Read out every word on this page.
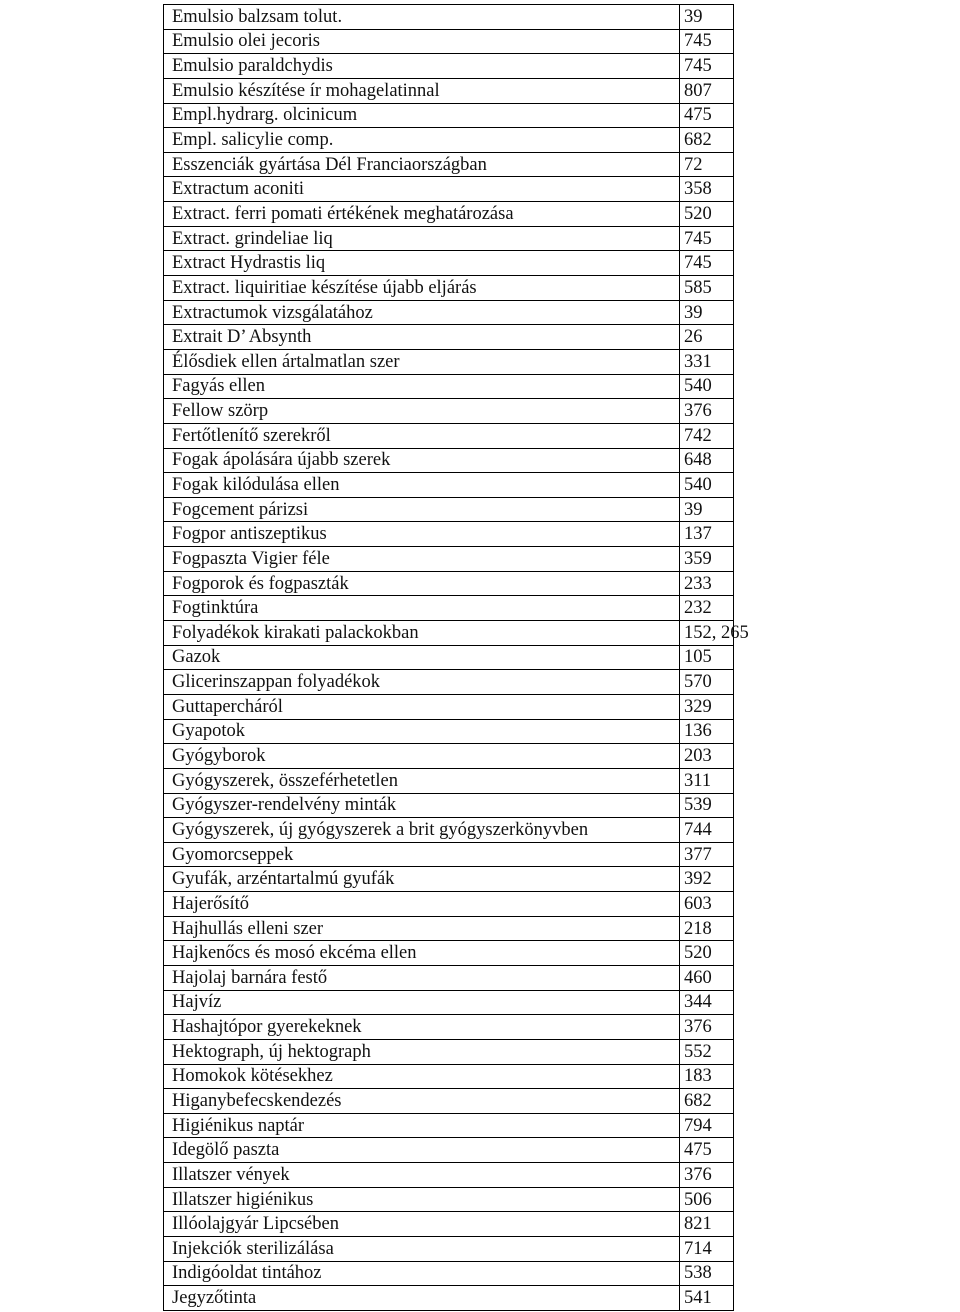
Emulsio balzsam tolut.	39
Emulsio olei jecoris	745
Emulsio paraldchydis	745
Emulsio készítése ír mohagelatinnal	807
Empl.hydrarg. olcinicum	475
Empl. salicylie comp.	682
Esszenciák gyártása Dél Franciaországban	72
Extractum aconiti	358
Extract. ferri pomati értékének meghatározása	520
Extract. grindeliae liq	745
Extract Hydrastis liq	745
Extract. liquiritiae készítése újabb eljárás	585
Extractumok vizsgálatához	39
Extrait D’ Absynth	26
Élősdiek ellen ártalmatlan szer	331
Fagyás ellen	540
Fellow szörp	376
Fertőtlenítő szerekről	742
Fogak ápolására újabb szerek	648
Fogak kilódulása ellen	540
Fogcement párizsi	39
Fogpor antiszeptikus	137
Fogpaszta Vigier féle	359
Fogporok és fogpaszták	233
Fogtinktúra	232
Folyadékok kirakati palackokban	152, 265
Gazok	105
Glicerinszappan folyadékok	570
Guttapercháról	329
Gyapotok	136
Gyógyborok	203
Gyógyszerek, összeférhetetlen	311
Gyógyszer-rendelvény minták	539
Gyógyszerek, új gyógyszerek a brit gyógyszerkönyvben	744
Gyomorcseppek	377
Gyufák, arzéntartalmú gyufák	392
Hajerősítő	603
Hajhullás elleni szer	218
Hajkenőcs és mosó ekcéma ellen	520
Hajolaj barnára festő	460
Hajvíz	344
Hashajtópor gyerekeknek	376
Hektograph, új hektograph	552
Homokok kötésekhez	183
Higanybefecskendezés	682
Higiénikus naptár	794
Idegölő paszta	475
Illatszer vények	376
Illatszer higiénikus	506
Illóolajgyár Lipcsében	821
Injekciók sterilizálása	714
Indigóoldat tintához	538
Jegyzőtinta	541
